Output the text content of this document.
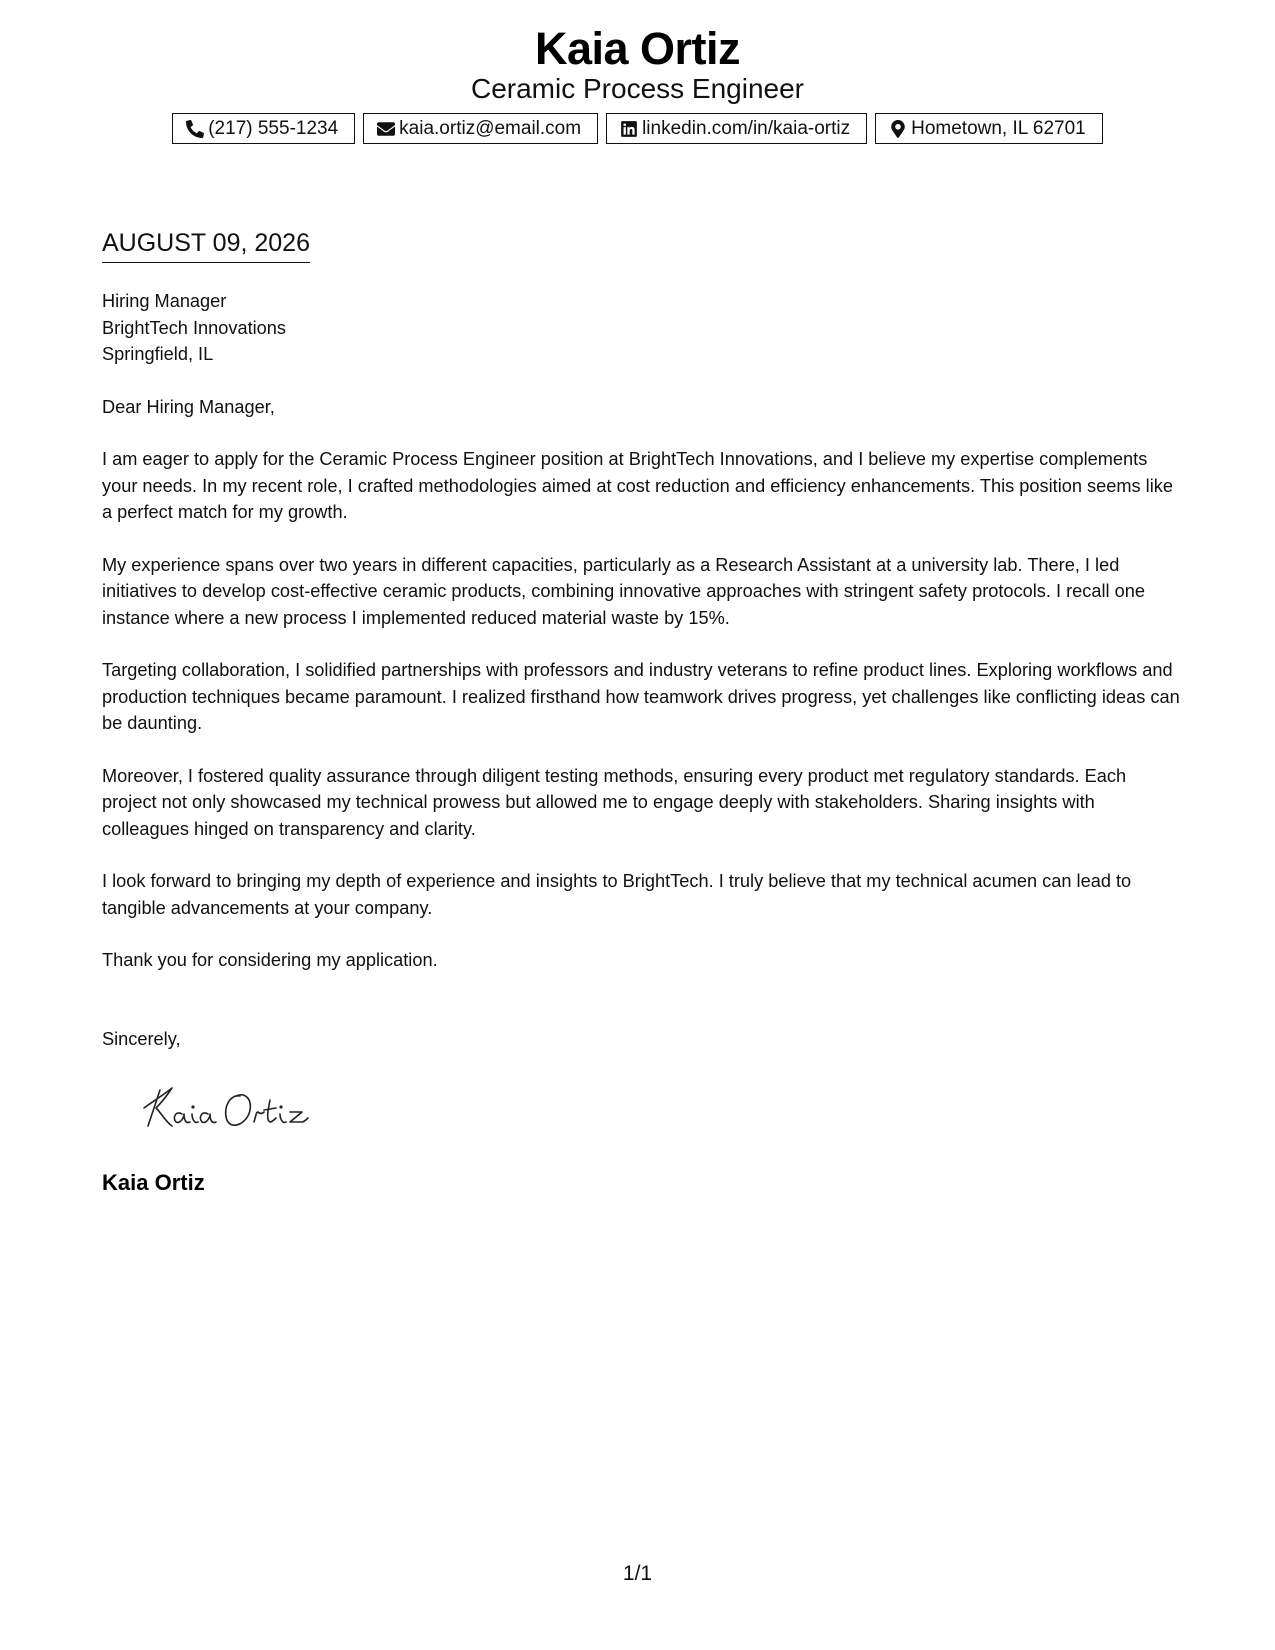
Kaia Ortiz
Ceramic Process Engineer
(217) 555-1234	kaia.ortiz@email.com	linkedin.com/in/kaia-ortiz	Hometown, IL 62701
AUGUST 09, 2026

Hiring Manager

BrightTech Innovations

Springfield, IL

Dear Hiring Manager,

I am eager to apply for the Ceramic Process Engineer position at BrightTech Innovations, and I believe my expertise complements your needs. In my recent role, I crafted methodologies aimed at cost reduction and efficiency enhancements. This position seems like a perfect match for my growth.

My experience spans over two years in different capacities, particularly as a Research Assistant at a university lab. There, I led initiatives to develop cost-effective ceramic products, combining innovative approaches with stringent safety protocols. I recall one instance where a new process I implemented reduced material waste by 15%.

Targeting collaboration, I solidified partnerships with professors and industry veterans to refine product lines. Exploring workflows and production techniques became paramount. I realized firsthand how teamwork drives progress, yet challenges like conflicting ideas can be daunting.

Moreover, I fostered quality assurance through diligent testing methods, ensuring every product met regulatory standards. Each project not only showcased my technical prowess but allowed me to engage deeply with stakeholders. Sharing insights with colleagues hinged on transparency and clarity.

I look forward to bringing my depth of experience and insights to BrightTech. I truly believe that my technical acumen can lead to tangible advancements at your company.

Thank you for considering my application.

Sincerely,

Kaia Ortiz
1/1
